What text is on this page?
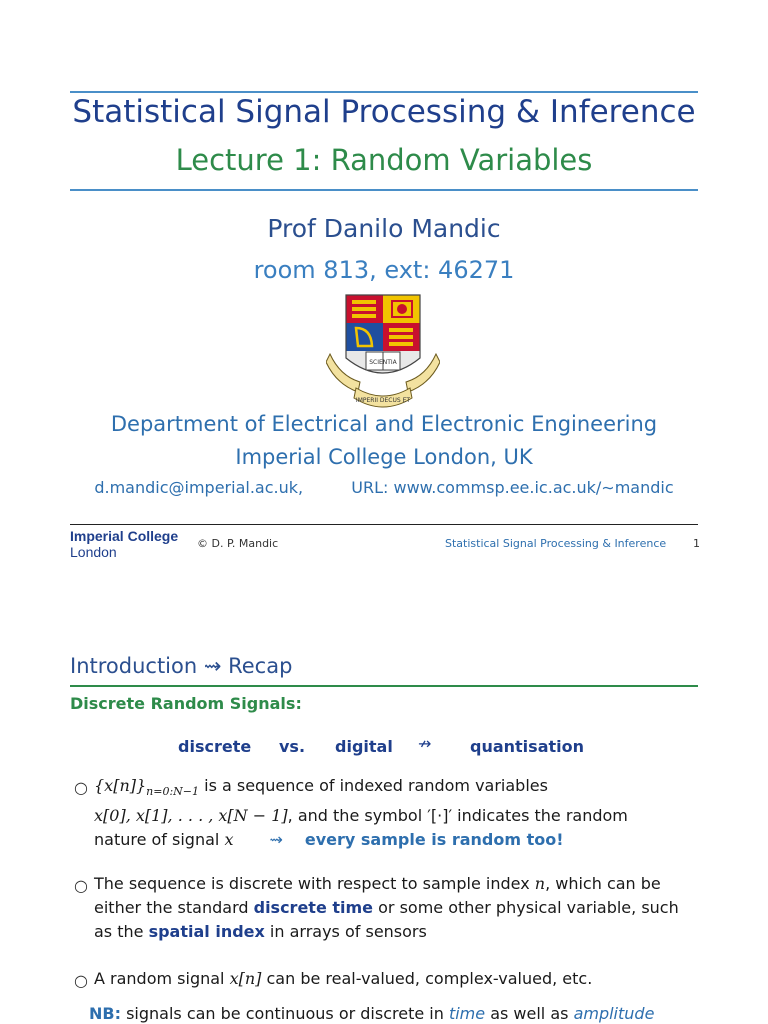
Statistical Signal Processing & Inference
Lecture 1: Random Variables
Prof Danilo Mandic
room 813, ext: 46271
SCIENTIA
IMPERII DECUS ET
Department of Electrical and Electronic Engineering
Imperial College London, UK
d.mandic@imperial.ac.uk,	URL: www.commsp.ee.ic.ac.uk/∼mandic
Imperial College
London
© D. P. Mandic	Statistical Signal Processing & Inference 1
Introduction ⇝ Recap
Discrete Random Signals:
discrete vs. digital ↛ quantisation
○ $\{x[n]\}_{n=0:N-1}$ is a sequence of indexed random variables
x[0], x[1], . . . , x[N − 1], and the symbol ′[·]′ indicates the random
nature of signal x ⇝ every sample is random too!
○ The sequence is discrete with respect to sample index n, which can be
either the standard discrete time or some other physical variable, such
as the spatial index in arrays of sensors
○ A random signal x[n] can be real-valued, complex-valued, etc.
NB: signals can be continuous or discrete in time as well as amplitude
